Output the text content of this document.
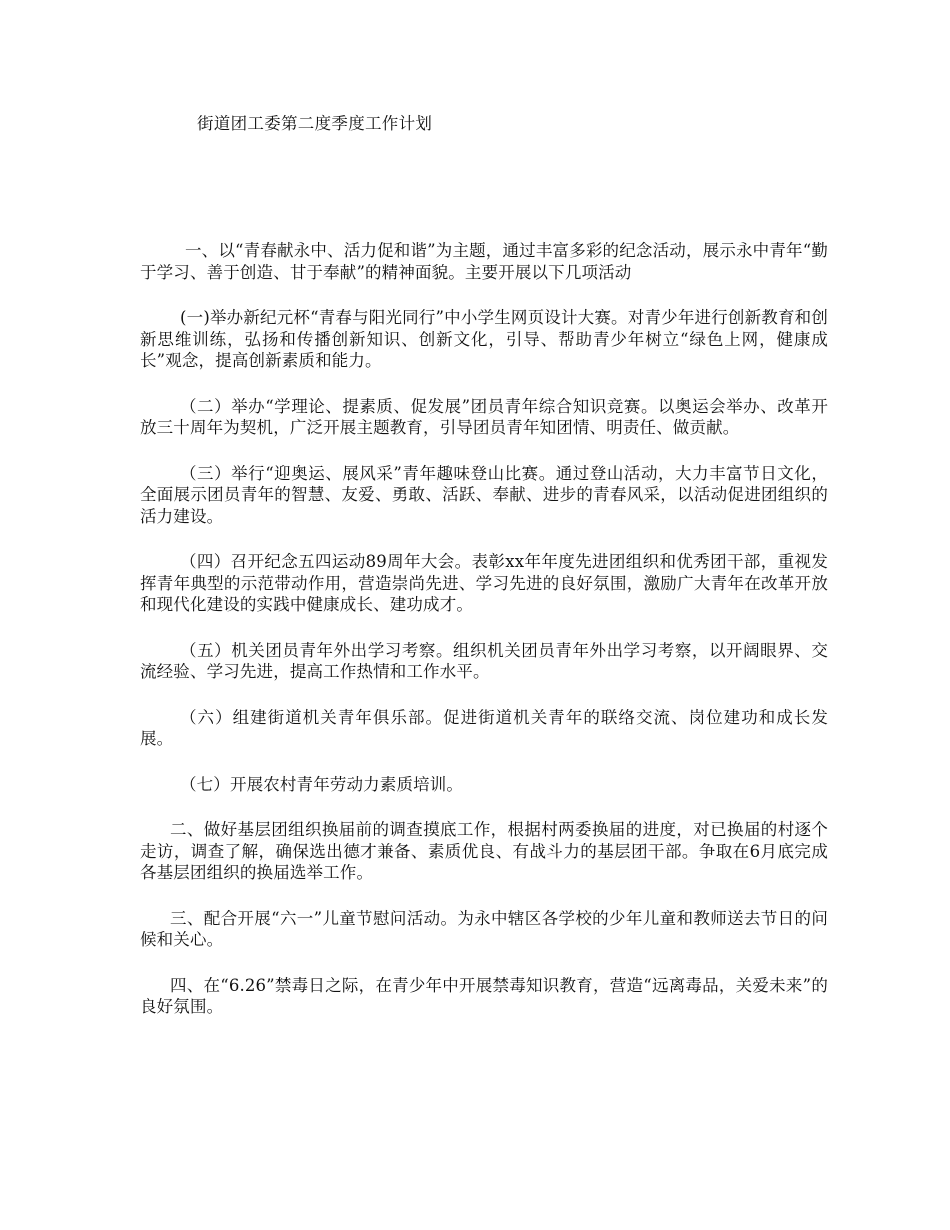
街道团工委第二度季度工作计划

一、以“青春献永中、活力促和谐”为主题，通过丰富多彩的纪念活动，展示永中青年“勤于学习、善于创造、甘于奉献”的精神面貌。主要开展以下几项活动

(一)举办新纪元杯“青春与阳光同行”中小学生网页设计大赛。对青少年进行创新教育和创新思维训练，弘扬和传播创新知识、创新文化，引导、帮助青少年树立“绿色上网，健康成长”观念，提高创新素质和能力。

（二）举办“学理论、提素质、促发展”团员青年综合知识竞赛。以奥运会举办、改革开放三十周年为契机，广泛开展主题教育，引导团员青年知团情、明责任、做贡献。

（三）举行“迎奥运、展风采”青年趣味登山比赛。通过登山活动，大力丰富节日文化，全面展示团员青年的智慧、友爱、勇敢、活跃、奉献、进步的青春风采，以活动促进团组织的活力建设。

（四）召开纪念五四运动89周年大会。表彰xx年年度先进团组织和优秀团干部，重视发挥青年典型的示范带动作用，营造崇尚先进、学习先进的良好氛围，激励广大青年在改革开放和现代化建设的实践中健康成长、建功成才。

（五）机关团员青年外出学习考察。组织机关团员青年外出学习考察，以开阔眼界、交流经验、学习先进，提高工作热情和工作水平。

（六）组建街道机关青年俱乐部。促进街道机关青年的联络交流、岗位建功和成长发展。

（七）开展农村青年劳动力素质培训。

二、做好基层团组织换届前的调查摸底工作，根据村两委换届的进度，对已换届的村逐个走访，调查了解，确保选出德才兼备、素质优良、有战斗力的基层团干部。争取在6月底完成各基层团组织的换届选举工作。

三、配合开展“六一”儿童节慰问活动。为永中辖区各学校的少年儿童和教师送去节日的问候和关心。

四、在“6.26”禁毒日之际，在青少年中开展禁毒知识教育，营造“远离毒品，关爱未来”的良好氛围。
